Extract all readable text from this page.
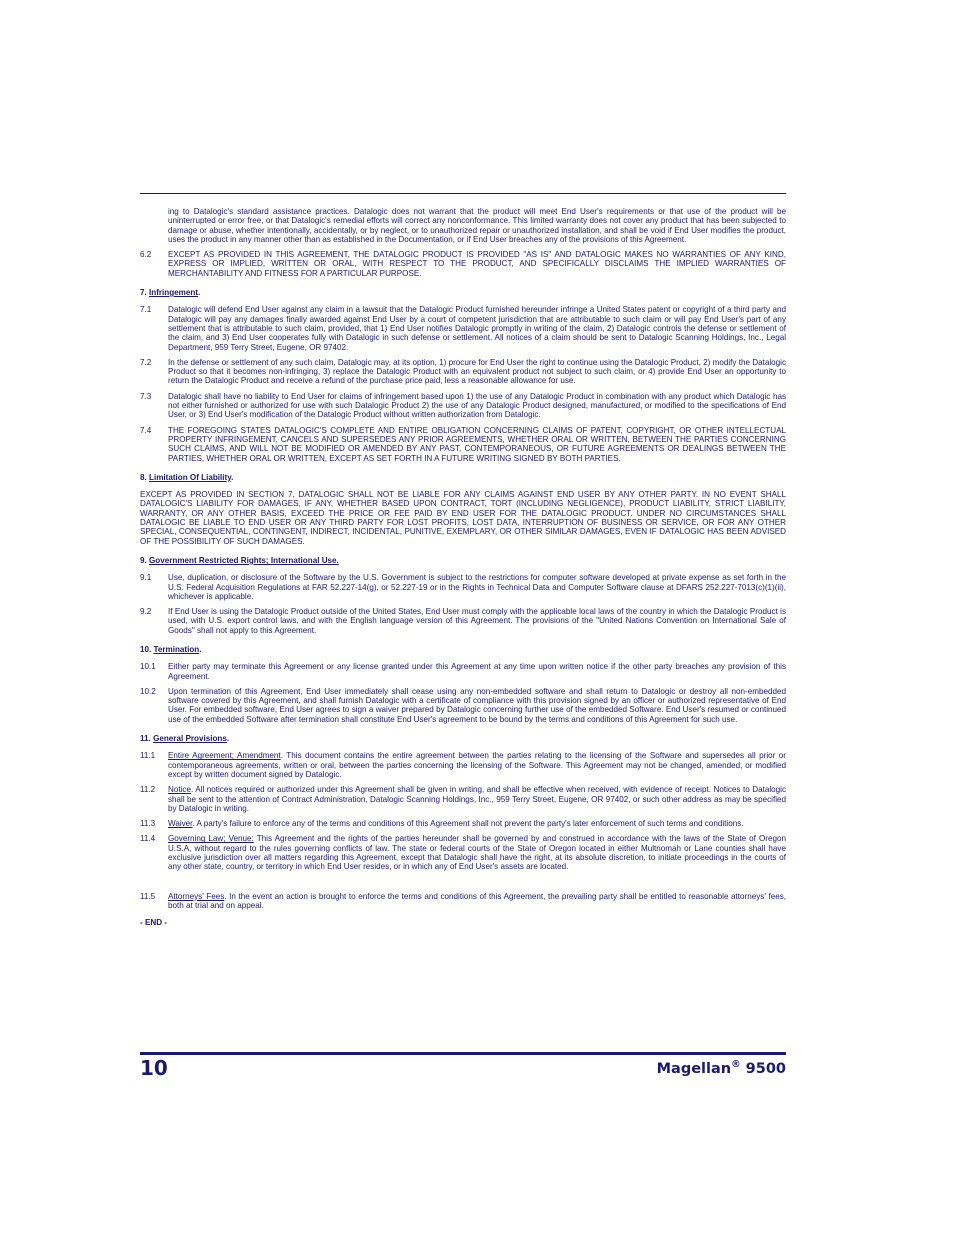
ing to Datalogic's standard assistance practices. Datalogic does not warrant that the product will meet End User's requirements or that use of the product will be uninterrupted or error free, or that Datalogic's remedial efforts will correct any nonconformance. This limited warranty does not cover any product that has been subjected to damage or abuse, whether intentionally, accidentally, or by neglect, or to unauthorized repair or unauthorized installation, and shall be void if End User modifies the product, uses the product in any manner other than as established in the Documentation, or if End User breaches any of the provisions of this Agreement.
6.2	EXCEPT AS PROVIDED IN THIS AGREEMENT, THE DATALOGIC PRODUCT IS PROVIDED "AS IS" AND DATALOGIC MAKES NO WARRANTIES OF ANY KIND, EXPRESS OR IMPLIED, WRITTEN OR ORAL, WITH RESPECT TO THE PRODUCT, AND SPECIFICALLY DISCLAIMS THE IMPLIED WARRANTIES OF MERCHANTABILITY AND FITNESS FOR A PARTICULAR PURPOSE.
7. Infringement.
7.1	Datalogic will defend End User against any claim in a lawsuit that the Datalogic Product furnished hereunder infringe a United States patent or copyright of a third party and Datalogic will pay any damages finally awarded against End User by a court of competent jurisdiction that are attributable to such claim or will pay End User's part of any settlement that is attributable to such claim, provided, that 1) End User notifies Datalogic promptly in writing of the claim, 2) Datalogic controls the defense or settlement of the claim, and 3) End User cooperates fully with Datalogic in such defense or settlement. All notices of a claim should be sent to Datalogic Scanning Holdings, Inc., Legal Department, 959 Terry Street, Eugene, OR 97402.
7.2	In the defense or settlement of any such claim, Datalogic may, at its option, 1) procure for End User the right to continue using the Datalogic Product, 2) modify the Datalogic Product so that it becomes non-infringing, 3) replace the Datalogic Product with an equivalent product not subject to such claim, or 4) provide End User an opportunity to return the Datalogic Product and receive a refund of the purchase price paid, less a reasonable allowance for use.
7.3	Datalogic shall have no liability to End User for claims of infringement based upon 1) the use of any Datalogic Product in combination with any product which Datalogic has not either furnished or authorized for use with such Datalogic Product 2) the use of any Datalogic Product designed, manufactured, or modified to the specifications of End User, or 3) End User's modification of the Datalogic Product without written authorization from Datalogic.
7.4	THE FOREGOING STATES DATALOGIC'S COMPLETE AND ENTIRE OBLIGATION CONCERNING CLAIMS OF PATENT, COPYRIGHT, OR OTHER INTELLECTUAL PROPERTY INFRINGEMENT, CANCELS AND SUPERSEDES ANY PRIOR AGREEMENTS, WHETHER ORAL OR WRITTEN, BETWEEN THE PARTIES CONCERNING SUCH CLAIMS, AND WILL NOT BE MODIFIED OR AMENDED BY ANY PAST, CONTEMPORANEOUS, OR FUTURE AGREEMENTS OR DEALINGS BETWEEN THE PARTIES, WHETHER ORAL OR WRITTEN, EXCEPT AS SET FORTH IN A FUTURE WRITING SIGNED BY BOTH PARTIES.
8. Limitation Of Liability.
EXCEPT AS PROVIDED IN SECTION 7, DATALOGIC SHALL NOT BE LIABLE FOR ANY CLAIMS AGAINST END USER BY ANY OTHER PARTY. IN NO EVENT SHALL DATALOGIC'S LIABILITY FOR DAMAGES, IF ANY, WHETHER BASED UPON CONTRACT, TORT (INCLUDING NEGLIGENCE), PRODUCT LIABILITY, STRICT LIABILITY, WARRANTY, OR ANY OTHER BASIS, EXCEED THE PRICE OR FEE PAID BY END USER FOR THE DATALOGIC PRODUCT. UNDER NO CIRCUMSTANCES SHALL DATALOGIC BE LIABLE TO END USER OR ANY THIRD PARTY FOR LOST PROFITS, LOST DATA, INTERRUPTION OF BUSINESS OR SERVICE, OR FOR ANY OTHER SPECIAL, CONSEQUENTIAL, CONTINGENT, INDIRECT, INCIDENTAL, PUNITIVE, EXEMPLARY, OR OTHER SIMILAR DAMAGES, EVEN IF DATALOGIC HAS BEEN ADVISED OF THE POSSIBILITY OF SUCH DAMAGES.
9. Government Restricted Rights; International Use.
9.1	Use, duplication, or disclosure of the Software by the U.S. Government is subject to the restrictions for computer software developed at private expense as set forth in the U.S. Federal Acquisition Regulations at FAR 52.227-14(g), or 52.227-19 or in the Rights in Technical Data and Computer Software clause at DFARS 252.227-7013(c)(1)(ii), whichever is applicable.
9.2	If End User is using the Datalogic Product outside of the United States, End User must comply with the applicable local laws of the country in which the Datalogic Product is used, with U.S. export control laws, and with the English language version of this Agreement. The provisions of the "United Nations Convention on International Sale of Goods" shall not apply to this Agreement.
10. Termination.
10.1	Either party may terminate this Agreement or any license granted under this Agreement at any time upon written notice if the other party breaches any provision of this Agreement.
10.2	Upon termination of this Agreement, End User immediately shall cease using any non-embedded software and shall return to Datalogic or destroy all non-embedded software covered by this Agreement, and shall furnish Datalogic with a certificate of compliance with this provision signed by an officer or authorized representative of End User. For embedded software, End User agrees to sign a waiver prepared by Datalogic concerning further use of the embedded Software. End User's resumed or continued use of the embedded Software after termination shall constitute End User's agreement to be bound by the terms and conditions of this Agreement for such use.
11. General Provisions.
11.1	Entire Agreement; Amendment. This document contains the entire agreement between the parties relating to the licensing of the Software and supersedes all prior or contemporaneous agreements, written or oral, between the parties concerning the licensing of the Software. This Agreement may not be changed, amended, or modified except by written document signed by Datalogic.
11.2	Notice. All notices required or authorized under this Agreement shall be given in writing, and shall be effective when received, with evidence of receipt. Notices to Datalogic shall be sent to the attention of Contract Administration, Datalogic Scanning Holdings, Inc., 959 Terry Street, Eugene, OR 97402, or such other address as may be specified by Datalogic in writing.
11.3	Waiver. A party's failure to enforce any of the terms and conditions of this Agreement shall not prevent the party's later enforcement of such terms and conditions.
11.4	Governing Law; Venue: This Agreement and the rights of the parties hereunder shall be governed by and construed in accordance with the laws of the State of Oregon U.S.A, without regard to the rules governing conflicts of law. The state or federal courts of the State of Oregon located in either Multnomah or Lane counties shall have exclusive jurisdiction over all matters regarding this Agreement, except that Datalogic shall have the right, at its absolute discretion, to initiate proceedings in the courts of any other state, country, or territory in which End User resides, or in which any of End User's assets are located.
11.5	Attorneys' Fees. In the event an action is brought to enforce the terms and conditions of this Agreement, the prevailing party shall be entitled to reasonable attorneys' fees, both at trial and on appeal.
- END -
10	Magellan® 9500
